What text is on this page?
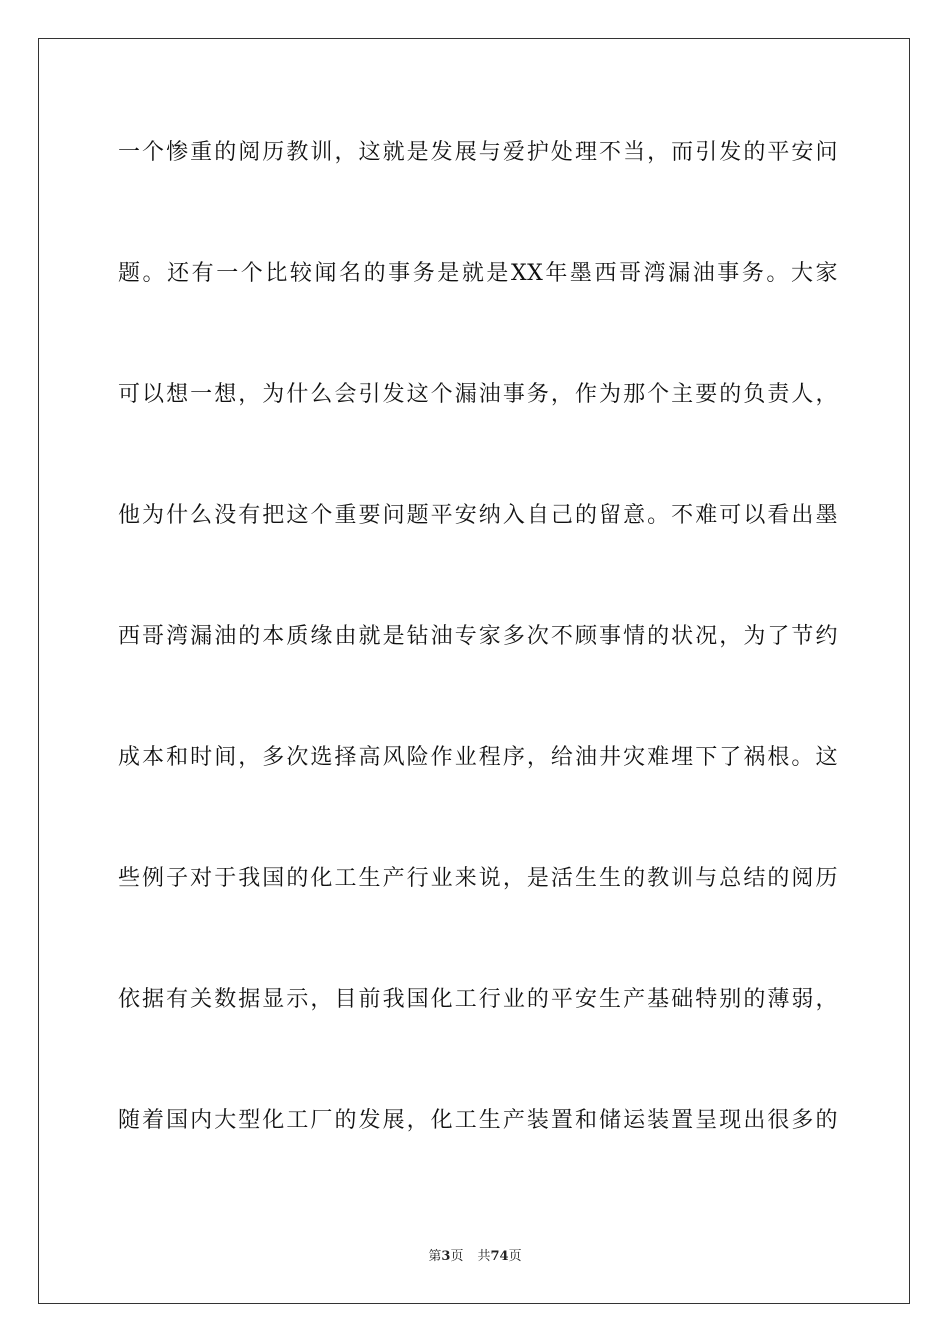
一个惨重的阅历教训，这就是发展与爱护处理不当，而引发的平安问
题。还有一个比较闻名的事务是就是XX年墨西哥湾漏油事务。大家
可以想一想，为什么会引发这个漏油事务，作为那个主要的负责人，
他为什么没有把这个重要问题平安纳入自己的留意。不难可以看出墨
西哥湾漏油的本质缘由就是钻油专家多次不顾事情的状况，为了节约
成本和时间，多次选择高风险作业程序，给油井灾难埋下了祸根。这
些例子对于我国的化工生产行业来说，是活生生的教训与总结的阅历
依据有关数据显示，目前我国化工行业的平安生产基础特别的薄弱，
随着国内大型化工厂的发展，化工生产装置和储运装置呈现出很多的
第3页 共74页
